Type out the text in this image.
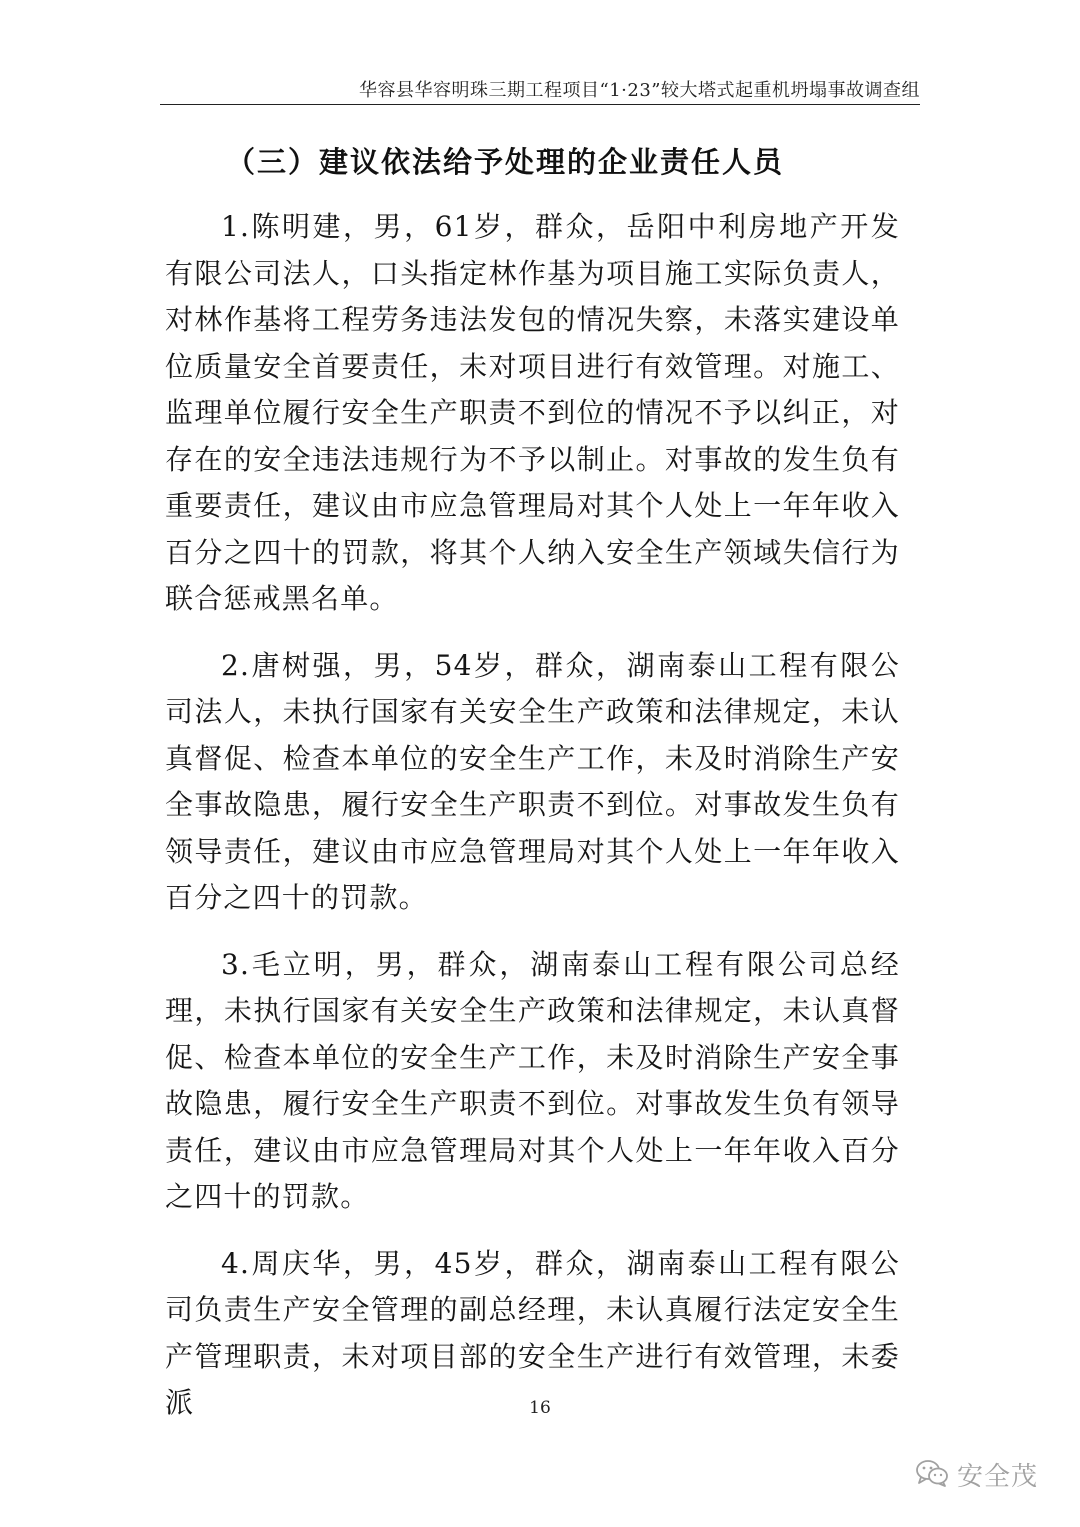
华容县华容明珠三期工程项目“1·23”较大塔式起重机坍塌事故调查组
（三）建议依法给予处理的企业责任人员

1.陈明建，男，61岁，群众，岳阳中利房地产开发有限公司法人，口头指定林作基为项目施工实际负责人，对林作基将工程劳务违法发包的情况失察，未落实建设单位质量安全首要责任，未对项目进行有效管理。对施工、监理单位履行安全生产职责不到位的情况不予以纠正，对存在的安全违法违规行为不予以制止。对事故的发生负有重要责任，建议由市应急管理局对其个人处上一年年收入百分之四十的罚款，将其个人纳入安全生产领域失信行为联合惩戒黑名单。

2.唐树强，男，54岁，群众，湖南泰山工程有限公司法人，未执行国家有关安全生产政策和法律规定，未认真督促、检查本单位的安全生产工作，未及时消除生产安全事故隐患，履行安全生产职责不到位。对事故发生负有领导责任，建议由市应急管理局对其个人处上一年年收入百分之四十的罚款。

3.毛立明，男，群众，湖南泰山工程有限公司总经理，未执行国家有关安全生产政策和法律规定，未认真督促、检查本单位的安全生产工作，未及时消除生产安全事故隐患，履行安全生产职责不到位。对事故发生负有领导责任，建议由市应急管理局对其个人处上一年年收入百分之四十的罚款。

4.周庆华，男，45岁，群众，湖南泰山工程有限公司负责生产安全管理的副总经理，未认真履行法定安全生产管理职责，未对项目部的安全生产进行有效管理，未委派	16
安全茂
